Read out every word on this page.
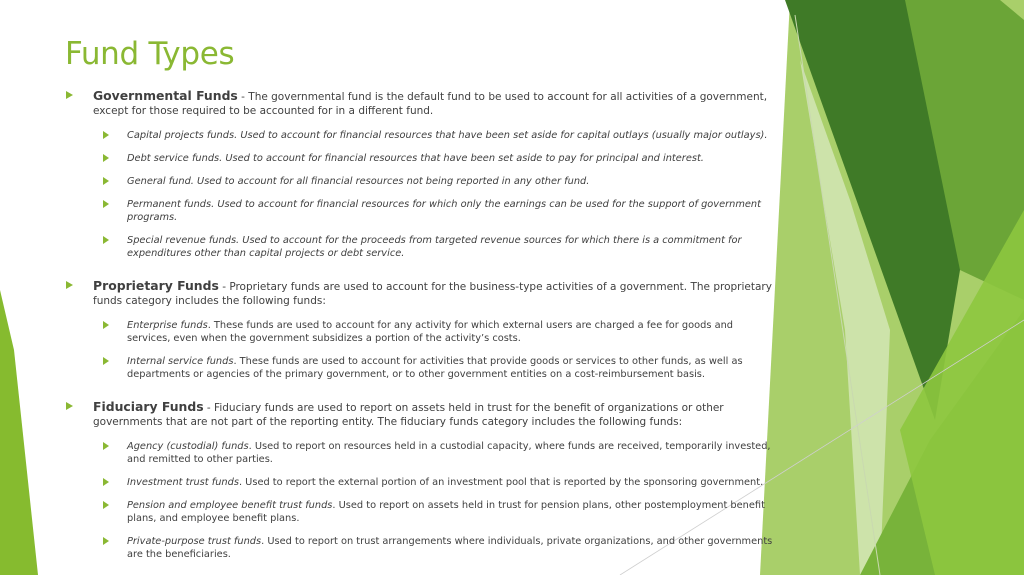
Fund Types
Governmental Funds - The governmental fund is the default fund to be used to account for all activities of a government, except for those required to be accounted for in a different fund.
Capital projects funds. Used to account for financial resources that have been set aside for capital outlays (usually major outlays).
Debt service funds. Used to account for financial resources that have been set aside to pay for principal and interest.
General fund. Used to account for all financial resources not being reported in any other fund.
Permanent funds. Used to account for financial resources for which only the earnings can be used for the support of government programs.
Special revenue funds. Used to account for the proceeds from targeted revenue sources for which there is a commitment for expenditures other than capital projects or debt service.
Proprietary Funds - Proprietary funds are used to account for the business-type activities of a government. The proprietary funds category includes the following funds:
Enterprise funds. These funds are used to account for any activity for which external users are charged a fee for goods and services, even when the government subsidizes a portion of the activity’s costs.
Internal service funds. These funds are used to account for activities that provide goods or services to other funds, as well as departments or agencies of the primary government, or to other government entities on a cost-reimbursement basis.
Fiduciary Funds - Fiduciary funds are used to report on assets held in trust for the benefit of organizations or other governments that are not part of the reporting entity. The fiduciary funds category includes the following funds:
Agency (custodial) funds. Used to report on resources held in a custodial capacity, where funds are received, temporarily invested, and remitted to other parties.
Investment trust funds. Used to report the external portion of an investment pool that is reported by the sponsoring government.
Pension and employee benefit trust funds. Used to report on assets held in trust for pension plans, other postemployment benefit plans, and employee benefit plans.
Private-purpose trust funds. Used to report on trust arrangements where individuals, private organizations, and other governments are the beneficiaries.
